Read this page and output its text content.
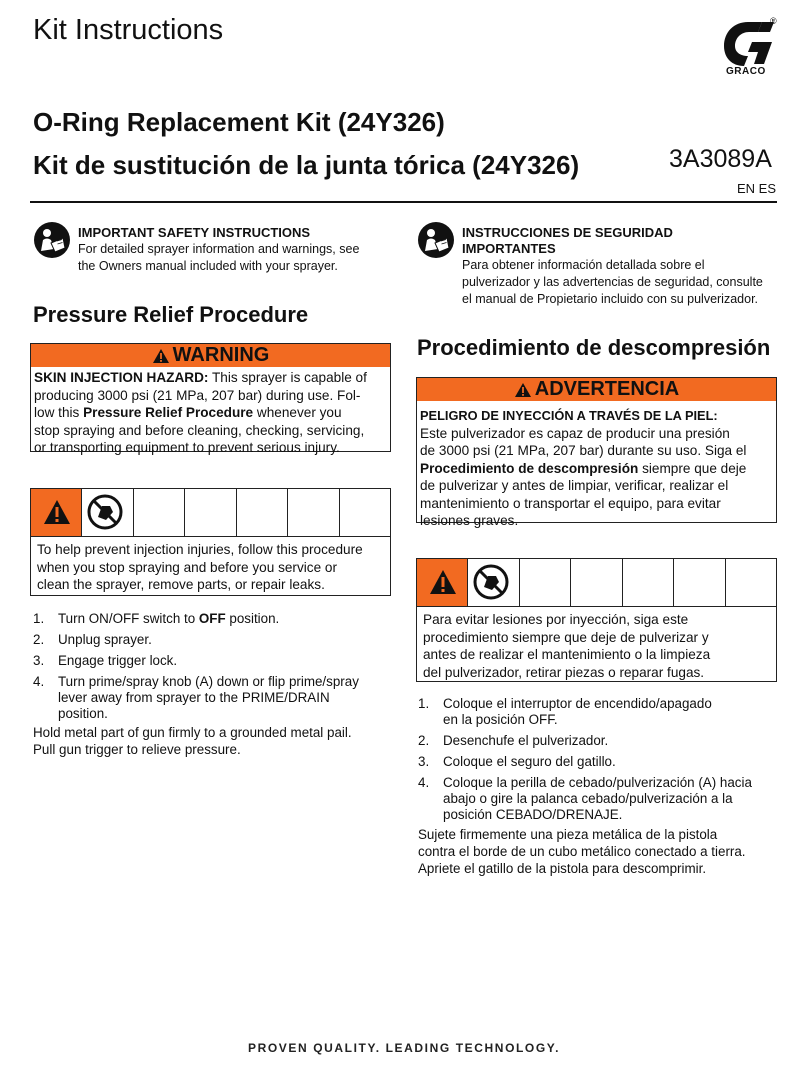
Kit Instructions	®
GRACO
O-Ring Replacement Kit (24Y326)
Kit de sustitución de la junta tórica (24Y326)	3A3089A
EN ES
IMPORTANT SAFETY INSTRUCTIONS
For detailed sprayer information and warnings, see
the Owners manual included with your sprayer.
Pressure Relief Procedure
WARNING
SKIN INJECTION HAZARD: This sprayer is capable of
producing 3000 psi (21 MPa, 207 bar) during use. Fol-
low this Pressure Relief Procedure whenever you
stop spraying and before cleaning, checking, servicing,
or transporting equipment to prevent serious injury.
To help prevent injection injuries, follow this procedure
when you stop spraying and before you service or
clean the sprayer, remove parts, or repair leaks.
1. Turn ON/OFF switch to OFF position.
2. Unplug sprayer.
3. Engage trigger lock.
4. Turn prime/spray knob (A) down or flip prime/spray
lever away from sprayer to the PRIME/DRAIN
position.
Hold metal part of gun firmly to a grounded metal pail.
Pull gun trigger to relieve pressure.
INSTRUCCIONES DE SEGURIDAD
IMPORTANTES
Para obtener información detallada sobre el
pulverizador y las advertencias de seguridad, consulte
el manual de Propietario incluido con su pulverizador.
Procedimiento de descompresión
ADVERTENCIA
PELIGRO DE INYECCIÓN A TRAVÉS DE LA PIEL:
Este pulverizador es capaz de producir una presión
de 3000 psi (21 MPa, 207 bar) durante su uso. Siga el
Procedimiento de descompresión siempre que deje
de pulverizar y antes de limpiar, verificar, realizar el
mantenimiento o transportar el equipo, para evitar
lesiones graves.
Para evitar lesiones por inyección, siga este
procedimiento siempre que deje de pulverizar y
antes de realizar el mantenimiento o la limpieza
del pulverizador, retirar piezas o reparar fugas.
1. Coloque el interruptor de encendido/apagado
en la posición OFF.
2. Desenchufe el pulverizador.
3. Coloque el seguro del gatillo.
4. Coloque la perilla de cebado/pulverización (A) hacia
abajo o gire la palanca cebado/pulverización a la
posición CEBADO/DRENAJE.
Sujete firmemente una pieza metálica de la pistola
contra el borde de un cubo metálico conectado a tierra.
Apriete el gatillo de la pistola para descomprimir.
PROVEN QUALITY. LEADING TECHNOLOGY.
